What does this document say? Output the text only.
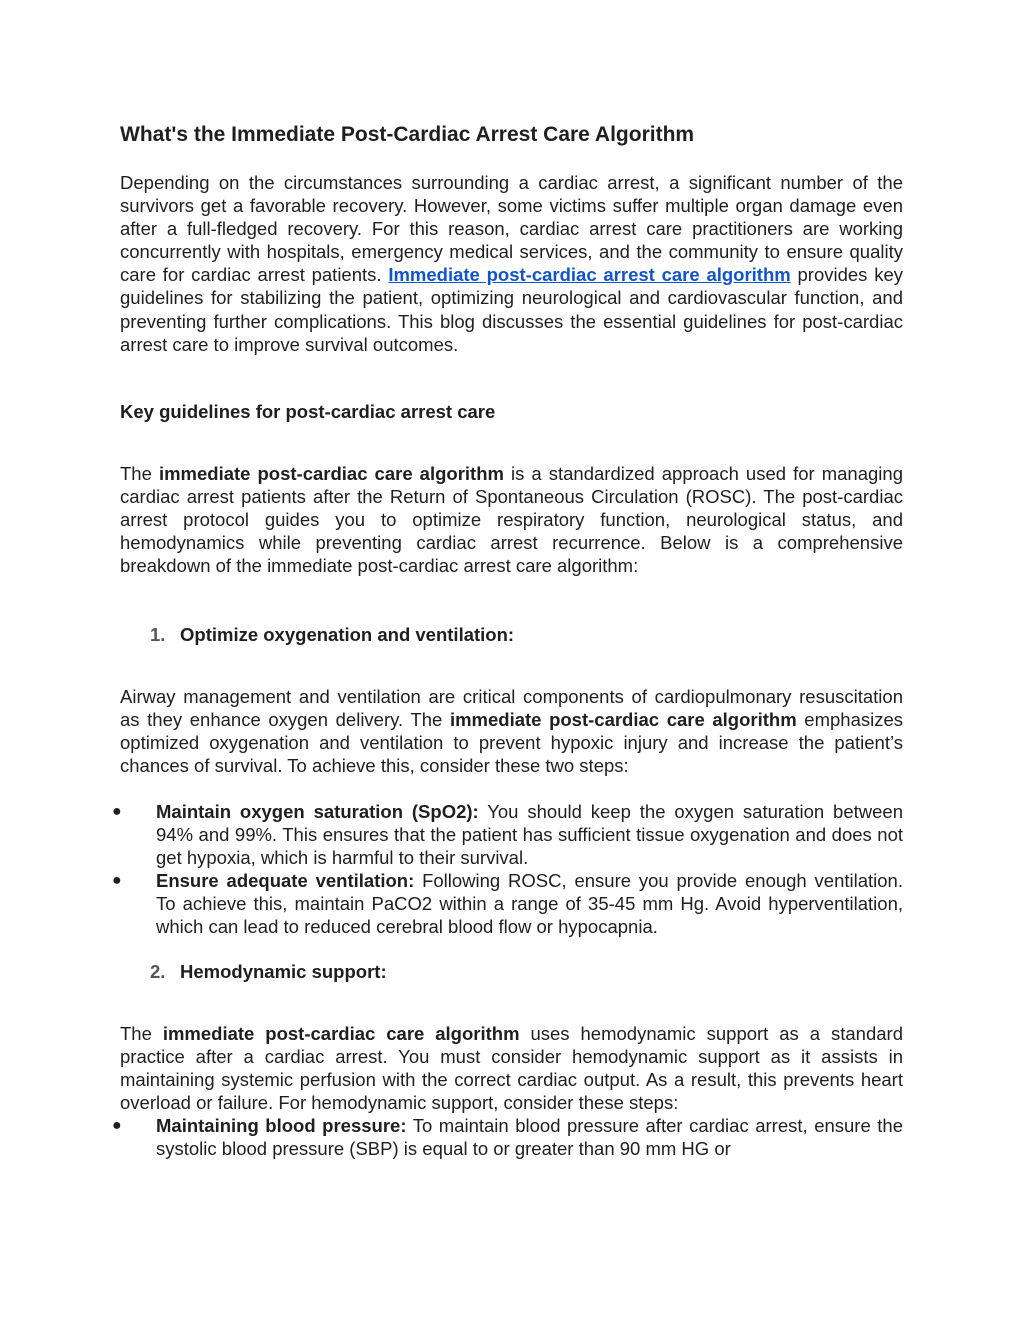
What's the Immediate Post-Cardiac Arrest Care Algorithm

Depending on the circumstances surrounding a cardiac arrest, a significant number of the survivors get a favorable recovery. However, some victims suffer multiple organ damage even after a full-fledged recovery. For this reason, cardiac arrest care practitioners are working concurrently with hospitals, emergency medical services, and the community to ensure quality care for cardiac arrest patients. Immediate post-cardiac arrest care algorithm provides key guidelines for stabilizing the patient, optimizing neurological and cardiovascular function, and preventing further complications. This blog discusses the essential guidelines for post-cardiac arrest care to improve survival outcomes.

Key guidelines for post-cardiac arrest care

The immediate post-cardiac care algorithm is a standardized approach used for managing cardiac arrest patients after the Return of Spontaneous Circulation (ROSC). The post-cardiac arrest protocol guides you to optimize respiratory function, neurological status, and hemodynamics while preventing cardiac arrest recurrence. Below is a comprehensive breakdown of the immediate post-cardiac arrest care algorithm:

1. Optimize oxygenation and ventilation:

Airway management and ventilation are critical components of cardiopulmonary resuscitation as they enhance oxygen delivery. The immediate post-cardiac care algorithm emphasizes optimized oxygenation and ventilation to prevent hypoxic injury and increase the patient’s chances of survival. To achieve this, consider these two steps:

● Maintain oxygen saturation (SpO2): You should keep the oxygen saturation between 94% and 99%. This ensures that the patient has sufficient tissue oxygenation and does not get hypoxia, which is harmful to their survival.

● Ensure adequate ventilation: Following ROSC, ensure you provide enough ventilation. To achieve this, maintain PaCO2 within a range of 35-45 mm Hg. Avoid hyperventilation, which can lead to reduced cerebral blood flow or hypocapnia.

2. Hemodynamic support:

The immediate post-cardiac care algorithm uses hemodynamic support as a standard practice after a cardiac arrest. You must consider hemodynamic support as it assists in maintaining systemic perfusion with the correct cardiac output. As a result, this prevents heart overload or failure. For hemodynamic support, consider these steps:

● Maintaining blood pressure: To maintain blood pressure after cardiac arrest, ensure the systolic blood pressure (SBP) is equal to or greater than 90 mm HG or
